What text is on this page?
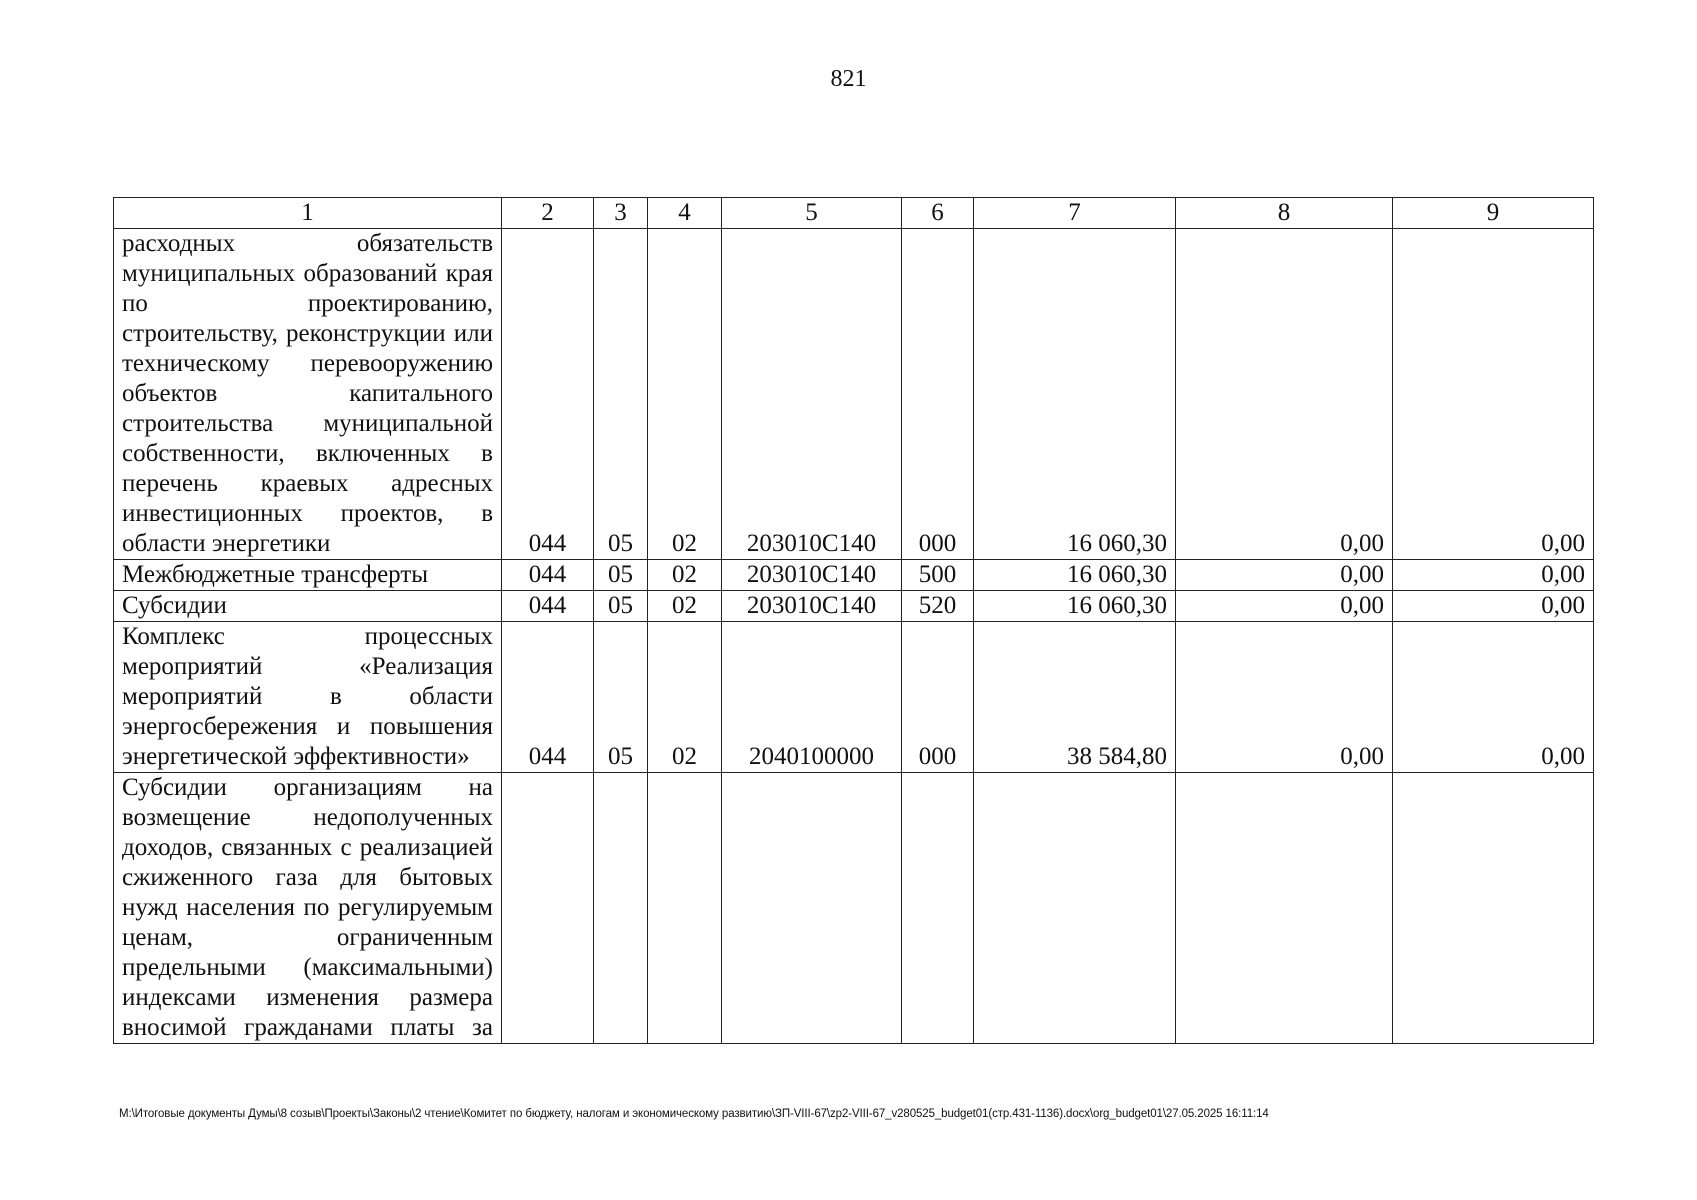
821
1	2	3	4	5	6	7	8	9
расходных обязательств муниципальных образований края по проектированию, строительству, реконструкции или техническому перевооружению объектов капитального строительства муниципальной собственности, включенных в перечень краевых адресных инвестиционных проектов, в области энергетики	044	05	02	203010С140	000	16 060,30	0,00	0,00
Межбюджетные трансферты	044	05	02	203010С140	500	16 060,30	0,00	0,00
Субсидии	044	05	02	203010С140	520	16 060,30	0,00	0,00
Комплекс процессных мероприятий «Реализация мероприятий в области энергосбережения и повышения энергетической эффективности»	044	05	02	2040100000	000	38 584,80	0,00	0,00
Субсидии организациям на возмещение недополученных доходов, связанных с реализацией сжиженного газа для бытовых нужд населения по регулируемым ценам, ограниченным предельными (максимальными) индексами изменения размера вносимой гражданами платы за								
M:\Итоговые документы Думы\8 созыв\Проекты\Законы\2 чтение\Комитет по бюджету, налогам и экономическому развитию\ЗП-VIII-67\zp2-VIII-67_v280525_budget01(стр.431-1136).docx\org_budget01\27.05.2025 16:11:14
